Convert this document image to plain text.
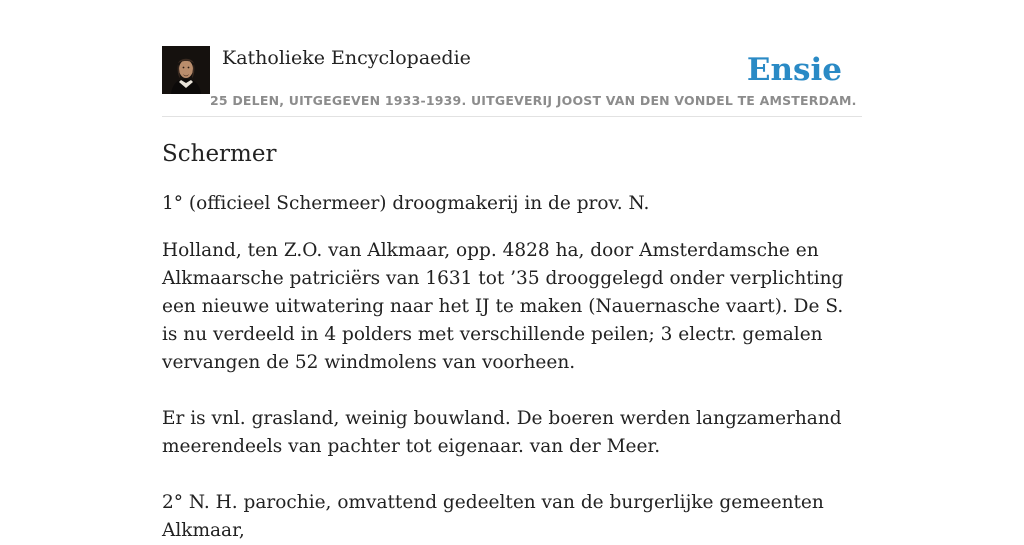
Katholieke Encyclopaedie
25 DELEN, UITGEGEVEN 1933-1939. UITGEVERIJ JOOST VAN DEN VONDEL TE AMSTERDAM.
Ensie
Schermer

1° (officieel Schermeer) droogmakerij in de prov. N.

Holland, ten Z.O. van Alkmaar, opp. 4828 ha, door Amsterdamsche en Alkmaarsche patriciërs van 1631 tot ’35 drooggelegd onder verplichting een nieuwe uitwatering naar het IJ te maken (Nauernasche vaart). De S. is nu verdeeld in 4 polders met verschillende peilen; 3 electr. gemalen vervangen de 52 windmolens van voorheen.

Er is vnl. grasland, weinig bouwland. De boeren werden langzamerhand meerendeels van pachter tot eigenaar. van der Meer.

2° N. H. parochie, omvattend gedeelten van de burgerlijke gemeenten Alkmaar,
